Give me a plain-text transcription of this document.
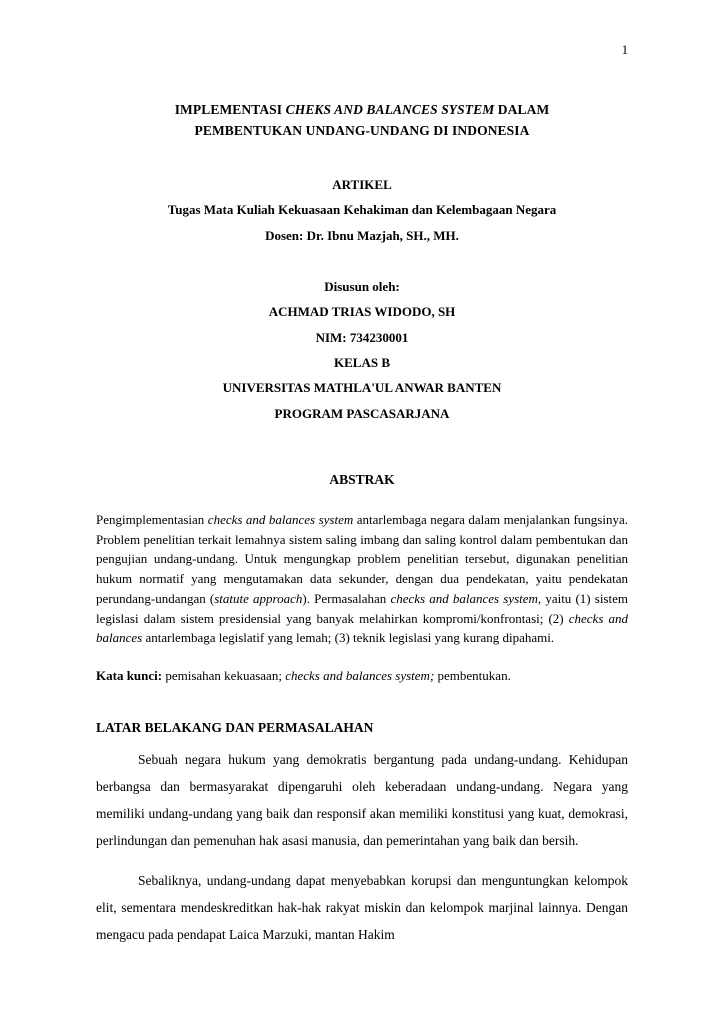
1
IMPLEMENTASI CHEKS AND BALANCES SYSTEM DALAM
PEMBENTUKAN UNDANG-UNDANG DI INDONESIA
ARTIKEL
Tugas Mata Kuliah Kekuasaan Kehakiman dan Kelembagaan Negara
Dosen: Dr. Ibnu Mazjah, SH., MH.
Disusun oleh:
ACHMAD TRIAS WIDODO, SH
NIM: 734230001
KELAS B
UNIVERSITAS MATHLA'UL ANWAR BANTEN
PROGRAM PASCASARJANA
ABSTRAK

Pengimplementasian checks and balances system antarlembaga negara dalam menjalankan fungsinya. Problem penelitian terkait lemahnya sistem saling imbang dan saling kontrol dalam pembentukan dan pengujian undang-undang. Untuk mengungkap problem penelitian tersebut, digunakan penelitian hukum normatif yang mengutamakan data sekunder, dengan dua pendekatan, yaitu pendekatan perundang-undangan (statute approach). Permasalahan checks and balances system, yaitu (1) sistem legislasi dalam sistem presidensial yang banyak melahirkan kompromi/konfrontasi; (2) checks and balances antarlembaga legislatif yang lemah; (3) teknik legislasi yang kurang dipahami.

Kata kunci: pemisahan kekuasaan; checks and balances system; pembentukan.

LATAR BELAKANG DAN PERMASALAHAN

Sebuah negara hukum yang demokratis bergantung pada undang-undang. Kehidupan berbangsa dan bermasyarakat dipengaruhi oleh keberadaan undang-undang. Negara yang memiliki undang-undang yang baik dan responsif akan memiliki konstitusi yang kuat, demokrasi, perlindungan dan pemenuhan hak asasi manusia, dan pemerintahan yang baik dan bersih.

Sebaliknya, undang-undang dapat menyebabkan korupsi dan menguntungkan kelompok elit, sementara mendeskreditkan hak-hak rakyat miskin dan kelompok marjinal lainnya. Dengan mengacu pada pendapat Laica Marzuki, mantan Hakim
